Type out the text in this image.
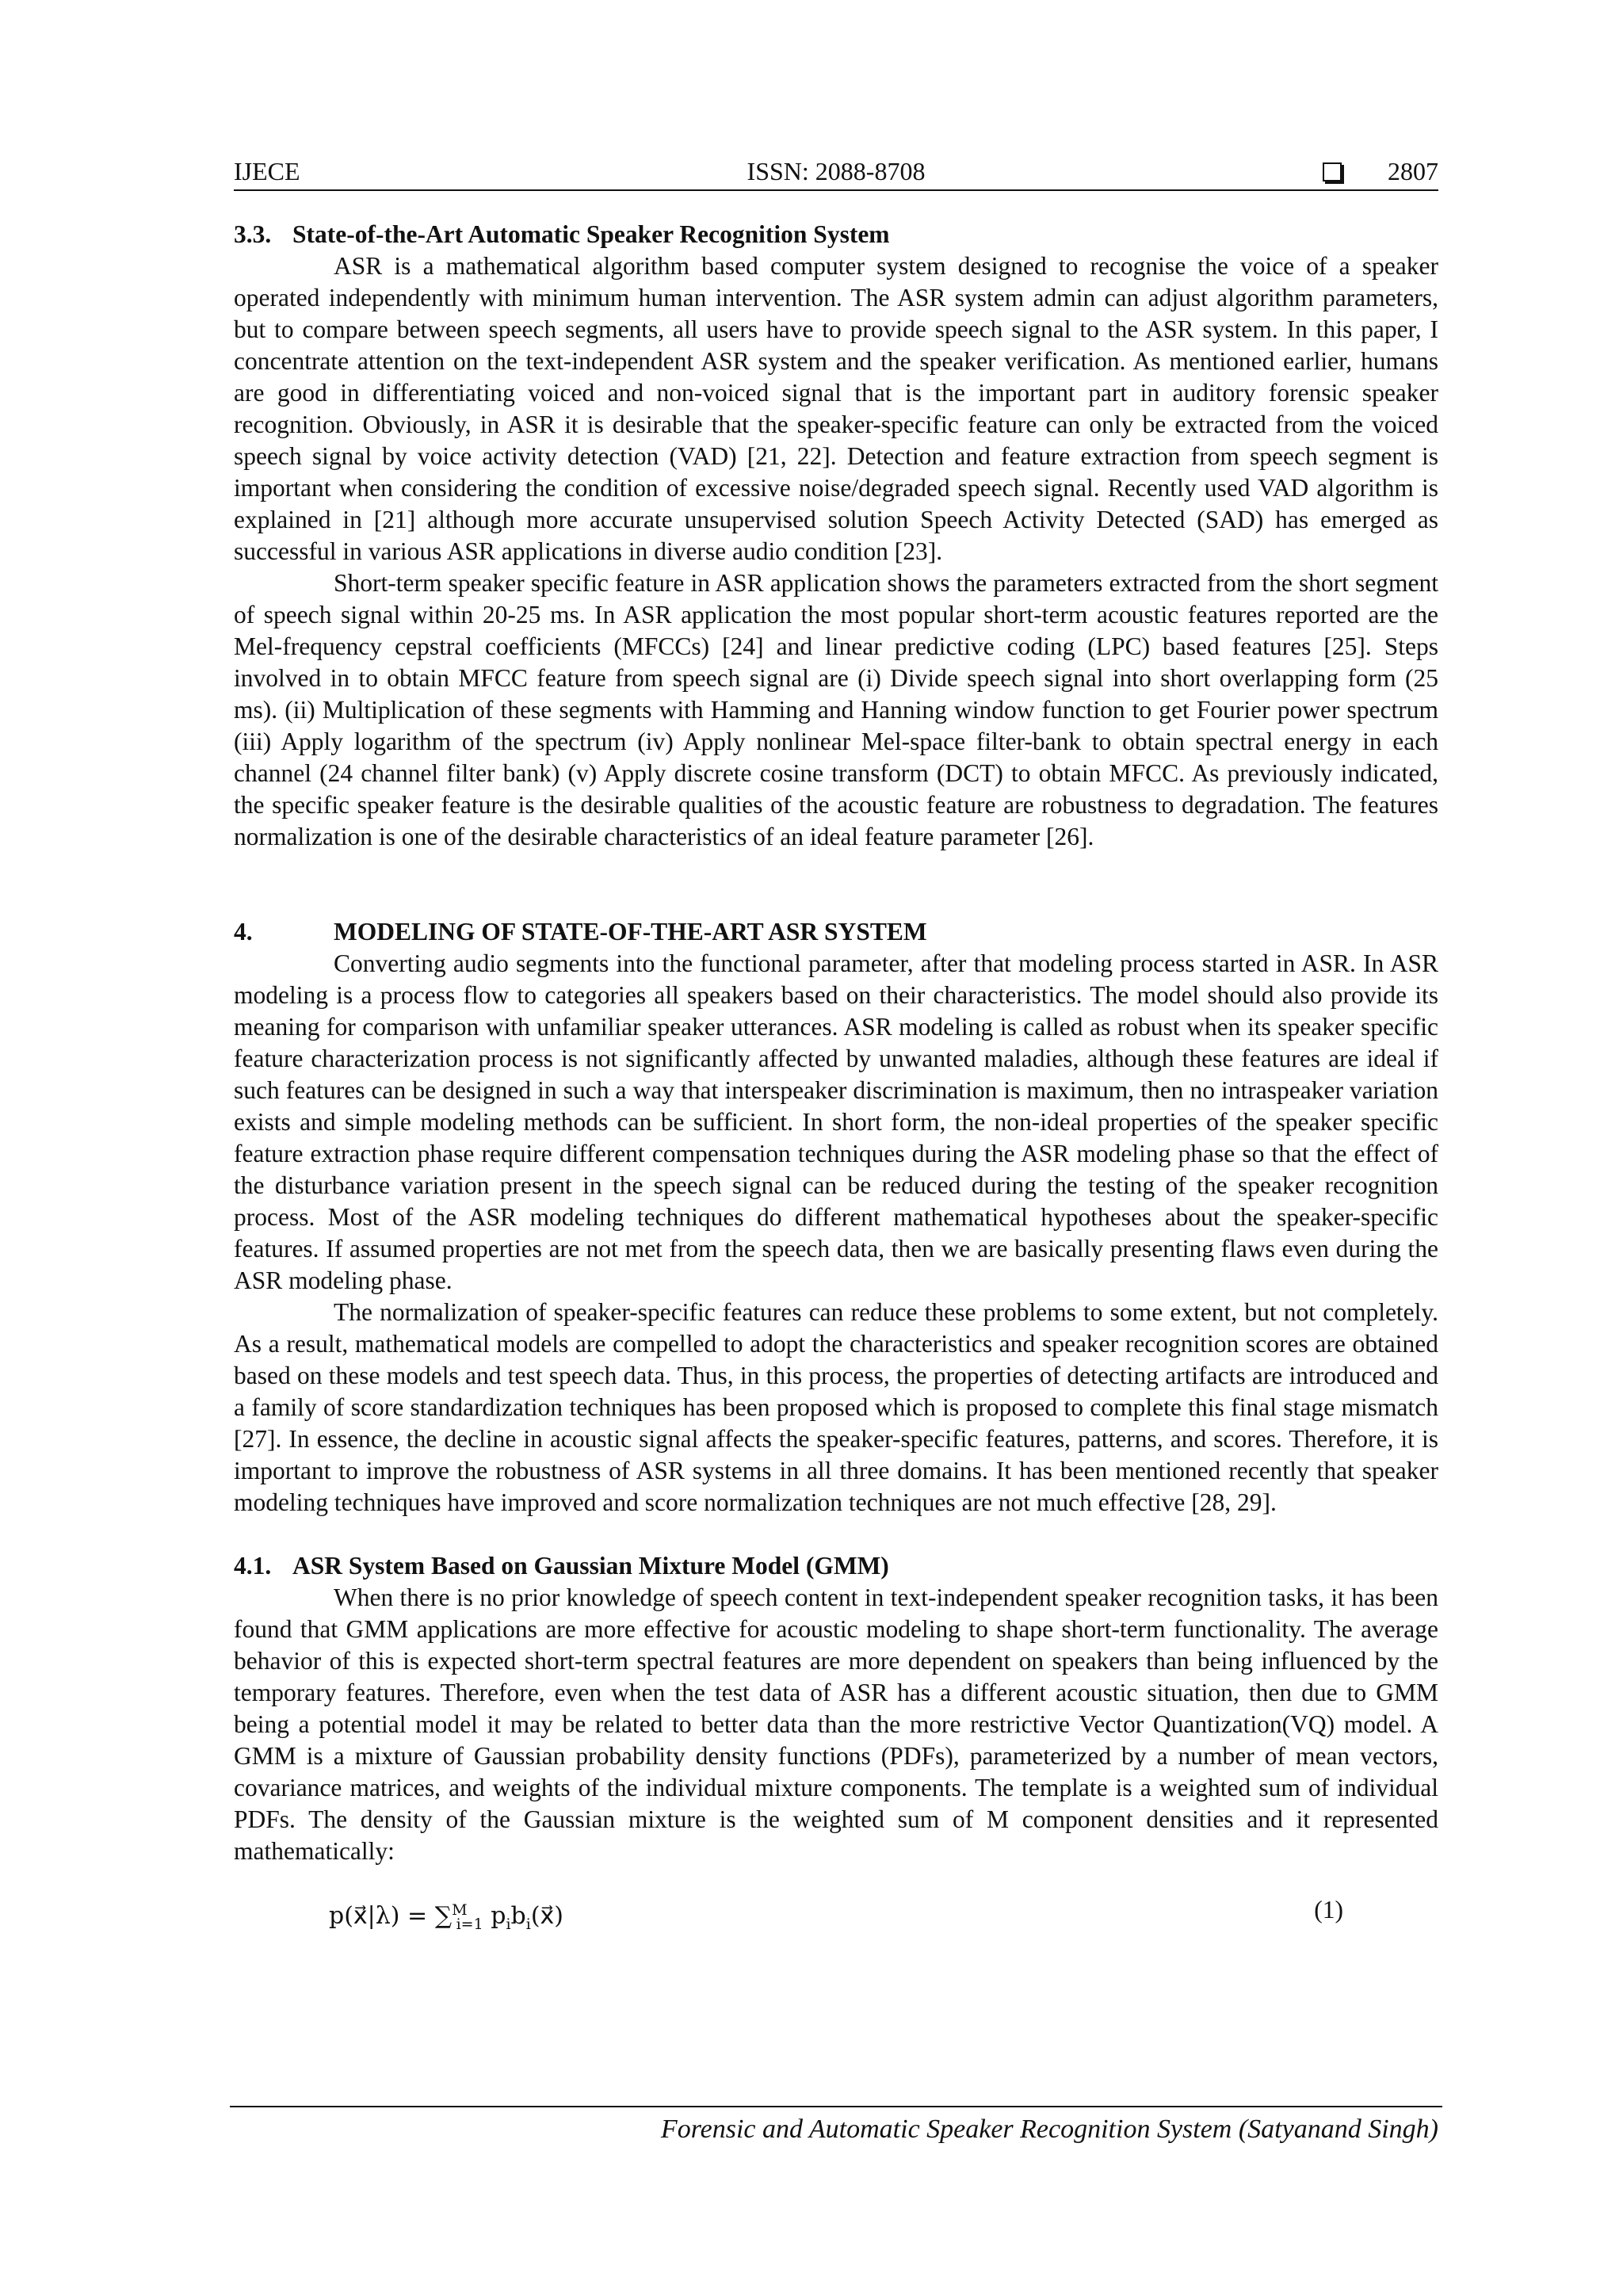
IJECE	ISSN: 2088-8708	2807

3.3. State-of-the-Art Automatic Speaker Recognition System

ASR is a mathematical algorithm based computer system designed to recognise the voice of a speaker operated independently with minimum human intervention. The ASR system admin can adjust algorithm parameters, but to compare between speech segments, all users have to provide speech signal to the ASR system. In this paper, I concentrate attention on the text-independent ASR system and the speaker verification. As mentioned earlier, humans are good in differentiating voiced and non-voiced signal that is the important part in auditory forensic speaker recognition. Obviously, in ASR it is desirable that the speaker-specific feature can only be extracted from the voiced speech signal by voice activity detection (VAD) [21, 22]. Detection and feature extraction from speech segment is important when considering the condition of excessive noise/degraded speech signal. Recently used VAD algorithm is explained in [21] although more accurate unsupervised solution Speech Activity Detected (SAD) has emerged as successful in various ASR applications in diverse audio condition [23].

Short-term speaker specific feature in ASR application shows the parameters extracted from the short segment of speech signal within 20-25 ms. In ASR application the most popular short-term acoustic features reported are the Mel-frequency cepstral coefficients (MFCCs) [24] and linear predictive coding (LPC) based features [25]. Steps involved in to obtain MFCC feature from speech signal are (i) Divide speech signal into short overlapping form (25 ms). (ii) Multiplication of these segments with Hamming and Hanning window function to get Fourier power spectrum (iii) Apply logarithm of the spectrum (iv) Apply nonlinear Mel-space filter-bank to obtain spectral energy in each channel (24 channel filter bank) (v) Apply discrete cosine transform (DCT) to obtain MFCC. As previously indicated, the specific speaker feature is the desirable qualities of the acoustic feature are robustness to degradation. The features normalization is one of the desirable characteristics of an ideal feature parameter [26].

4.	MODELING OF STATE-OF-THE-ART ASR SYSTEM

Converting audio segments into the functional parameter, after that modeling process started in ASR. In ASR modeling is a process flow to categories all speakers based on their characteristics. The model should also provide its meaning for comparison with unfamiliar speaker utterances. ASR modeling is called as robust when its speaker specific feature characterization process is not significantly affected by unwanted maladies, although these features are ideal if such features can be designed in such a way that interspeaker discrimination is maximum, then no intraspeaker variation exists and simple modeling methods can be sufficient. In short form, the non-ideal properties of the speaker specific feature extraction phase require different compensation techniques during the ASR modeling phase so that the effect of the disturbance variation present in the speech signal can be reduced during the testing of the speaker recognition process. Most of the ASR modeling techniques do different mathematical hypotheses about the speaker-specific features. If assumed properties are not met from the speech data, then we are basically presenting flaws even during the ASR modeling phase.

The normalization of speaker-specific features can reduce these problems to some extent, but not completely. As a result, mathematical models are compelled to adopt the characteristics and speaker recognition scores are obtained based on these models and test speech data. Thus, in this process, the properties of detecting artifacts are introduced and a family of score standardization techniques has been proposed which is proposed to complete this final stage mismatch [27]. In essence, the decline in acoustic signal affects the speaker-specific features, patterns, and scores. Therefore, it is important to improve the robustness of ASR systems in all three domains. It has been mentioned recently that speaker modeling techniques have improved and score normalization techniques are not much effective [28, 29].

4.1. ASR System Based on Gaussian Mixture Model (GMM)

When there is no prior knowledge of speech content in text-independent speaker recognition tasks, it has been found that GMM applications are more effective for acoustic modeling to shape short-term functionality. The average behavior of this is expected short-term spectral features are more dependent on speakers than being influenced by the temporary features. Therefore, even when the test data of ASR has a different acoustic situation, then due to GMM being a potential model it may be related to better data than the more restrictive Vector Quantization(VQ) model. A GMM is a mixture of Gaussian probability density functions (PDFs), parameterized by a number of mean vectors, covariance matrices, and weights of the individual mixture components. The template is a weighted sum of individual PDFs. The density of the Gaussian mixture is the weighted sum of M component densities and it represented mathematically:

p(x⃗|λ) = ∑$^M_{i=1}$ $p_ib_i(x⃗)$	(1)
Forensic and Automatic Speaker Recognition System (Satyanand Singh)
